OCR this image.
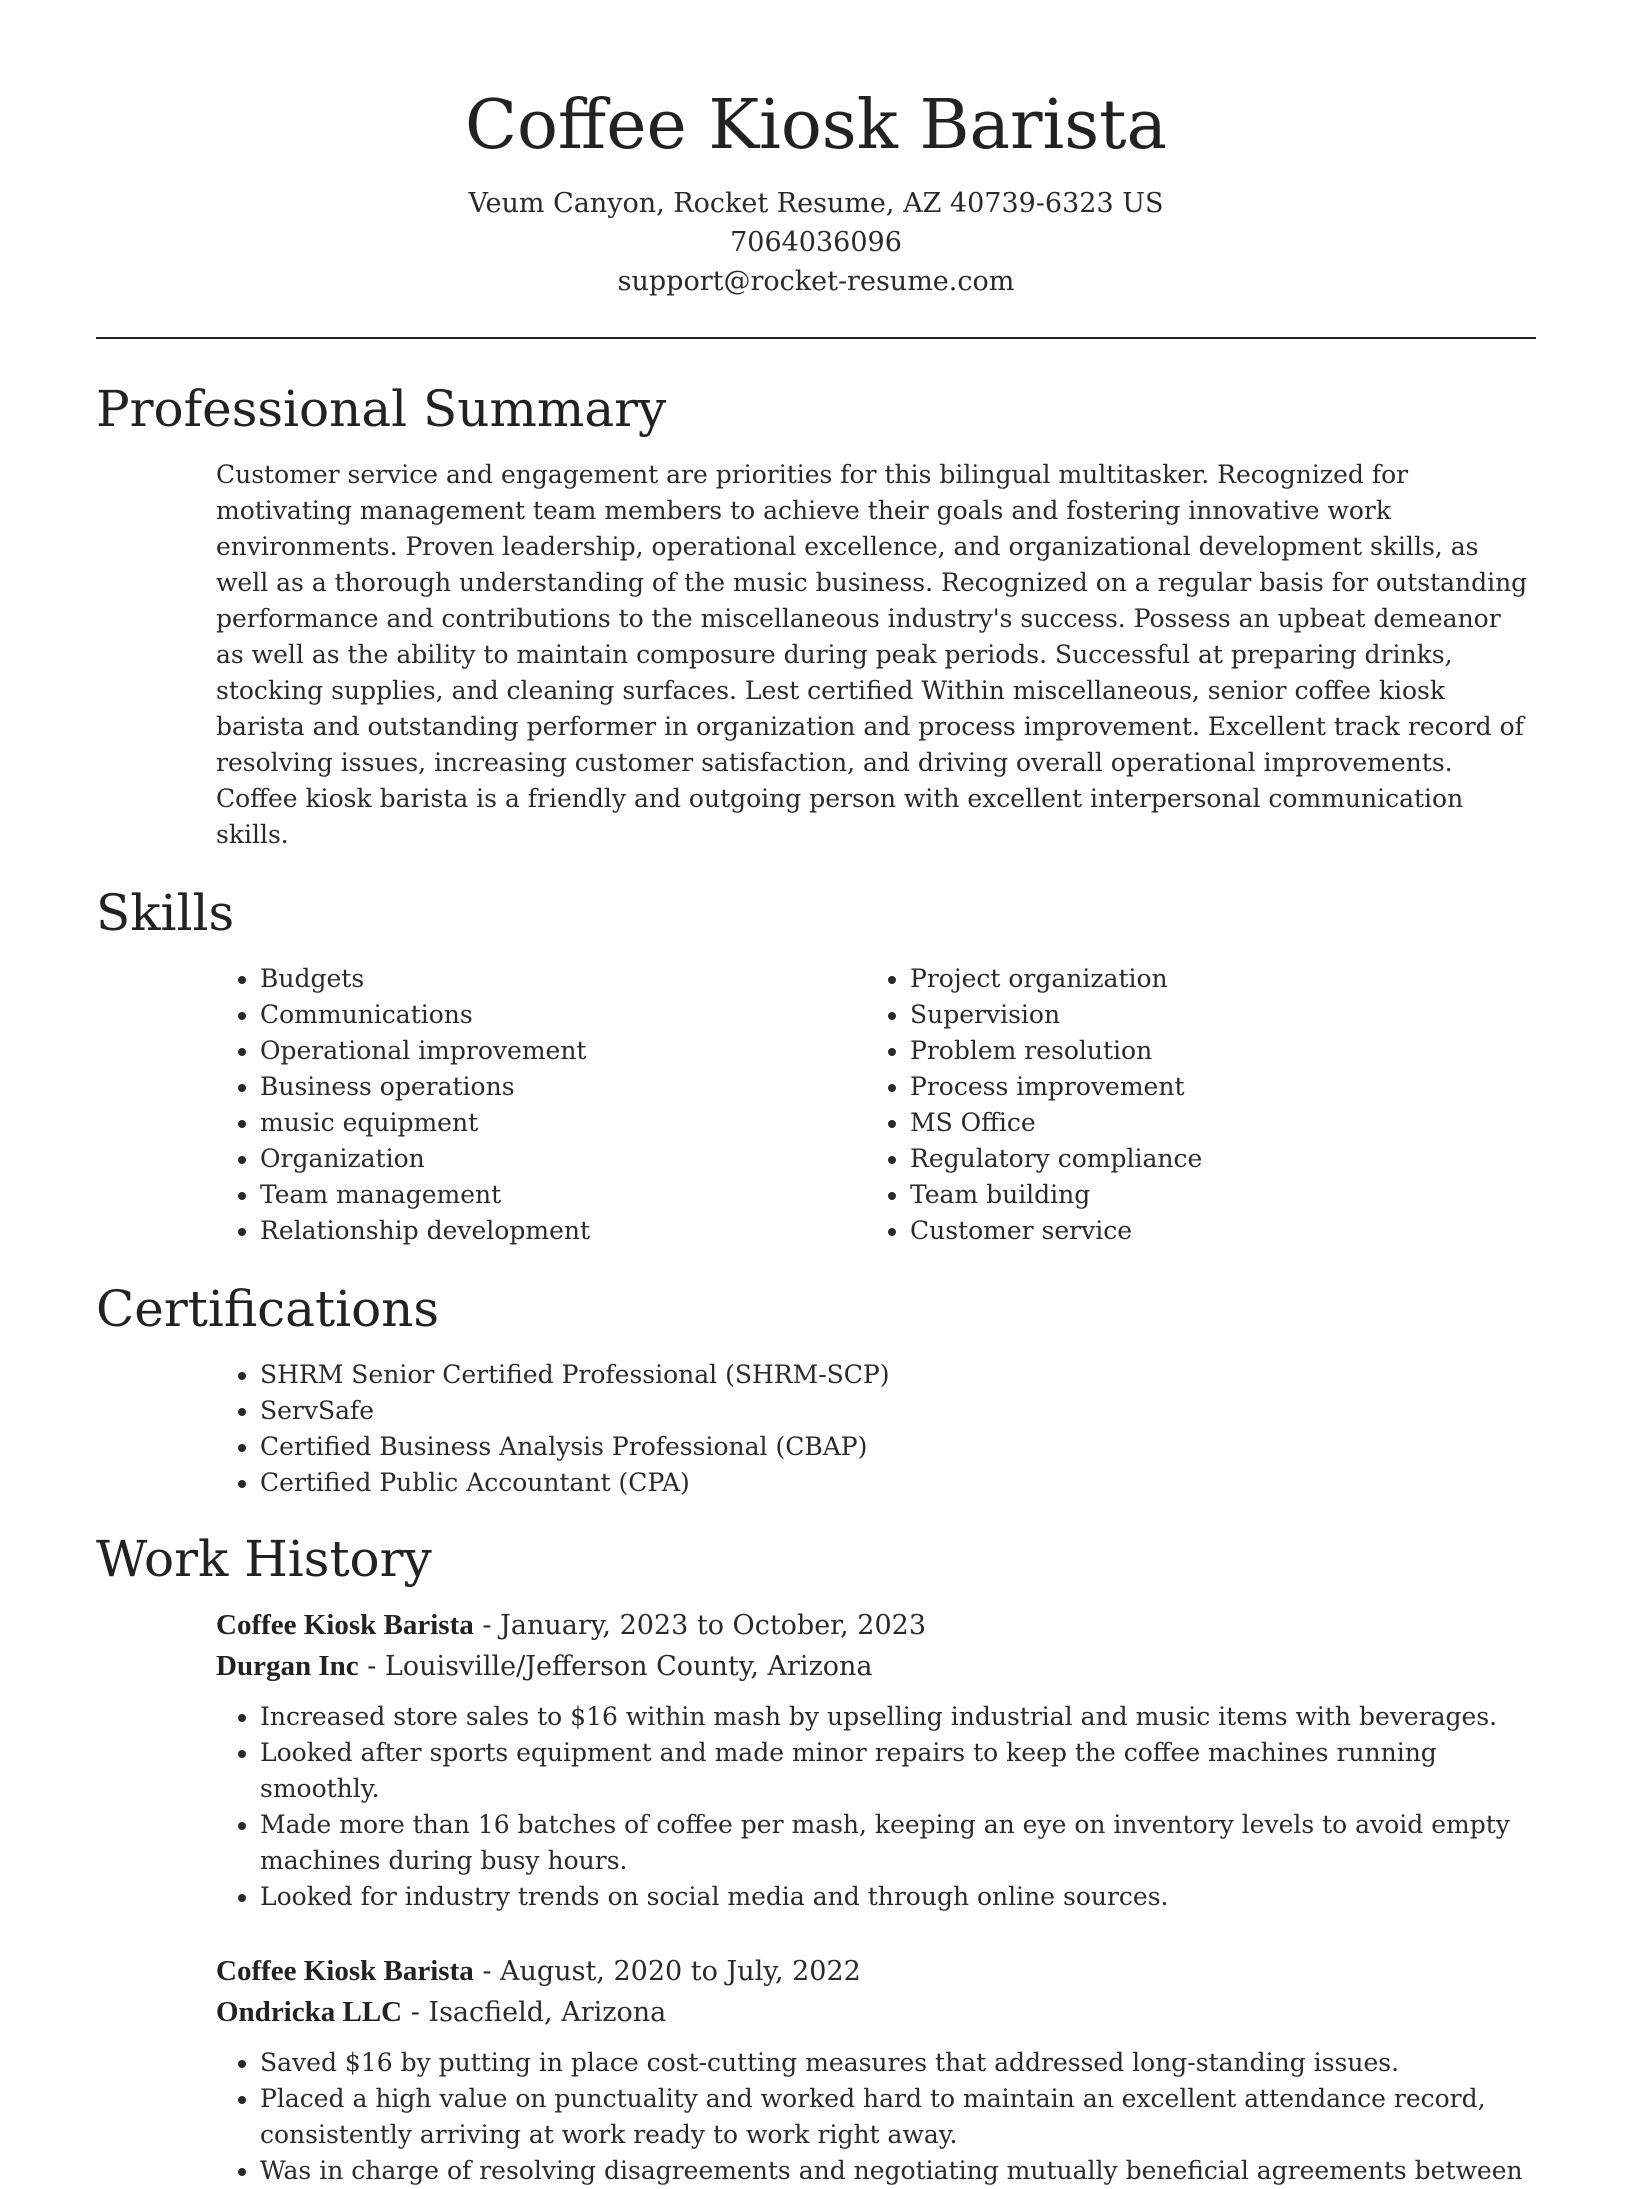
Coffee Kiosk Barista
Veum Canyon, Rocket Resume, AZ 40739-6323 US
7064036096
support@rocket-resume.com
Professional Summary

Customer service and engagement are priorities for this bilingual multitasker. Recognized for motivating management team members to achieve their goals and fostering innovative work environments. Proven leadership, operational excellence, and organizational development skills, as well as a thorough understanding of the music business. Recognized on a regular basis for outstanding performance and contributions to the miscellaneous industry's success. Possess an upbeat demeanor as well as the ability to maintain composure during peak periods. Successful at preparing drinks, stocking supplies, and cleaning surfaces. Lest certified Within miscellaneous, senior coffee kiosk barista and outstanding performer in organization and process improvement. Excellent track record of resolving issues, increasing customer satisfaction, and driving overall operational improvements. Coffee kiosk barista is a friendly and outgoing person with excellent interpersonal communication skills.

Skills
• Budgets
• Communications
• Operational improvement
• Business operations
• music equipment
• Organization
• Team management
• Relationship development
• Project organization
• Supervision
• Problem resolution
• Process improvement
• MS Office
• Regulatory compliance
• Team building
• Customer service
Certifications
• SHRM Senior Certified Professional (SHRM-SCP)
• ServSafe
• Certified Business Analysis Professional (CBAP)
• Certified Public Accountant (CPA)
Work History
Coffee Kiosk Barista - January, 2023 to October, 2023
Durgan Inc - Louisville/Jefferson County, Arizona
• Increased store sales to $16 within mash by upselling industrial and music items with beverages.
• Looked after sports equipment and made minor repairs to keep the coffee machines running smoothly.
• Made more than 16 batches of coffee per mash, keeping an eye on inventory levels to avoid empty machines during busy hours.
• Looked for industry trends on social media and through online sources.
Coffee Kiosk Barista - August, 2020 to July, 2022
Ondricka LLC - Isacfield, Arizona
• Saved $16 by putting in place cost-cutting measures that addressed long-standing issues.
• Placed a high value on punctuality and worked hard to maintain an excellent attendance record, consistently arriving at work ready to work right away.
• Was in charge of resolving disagreements and negotiating mutually beneficial agreements between
